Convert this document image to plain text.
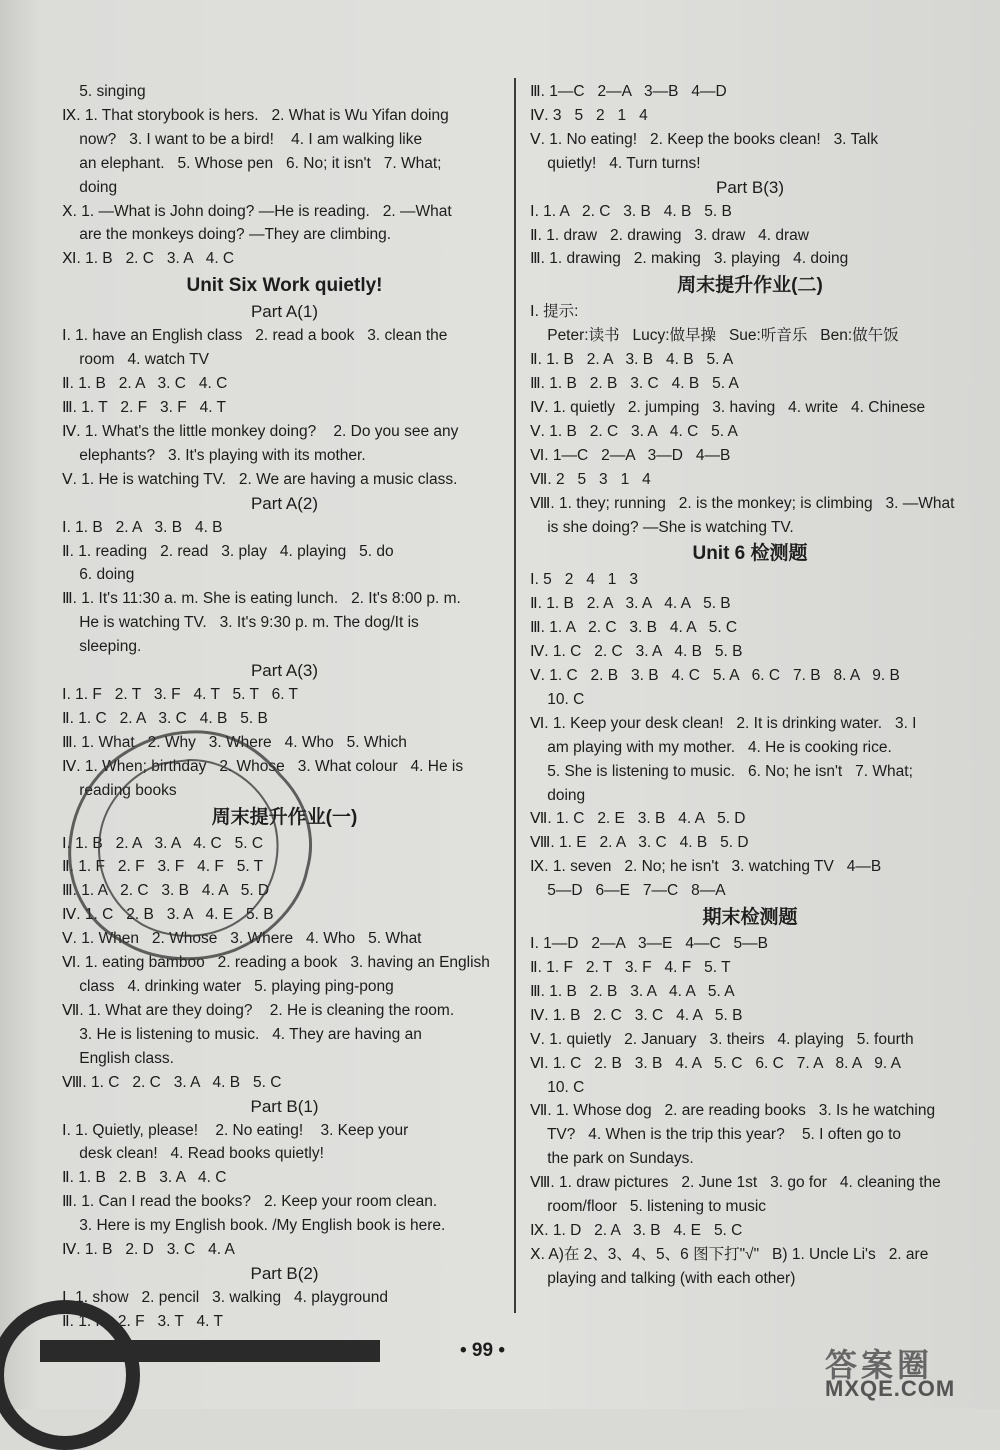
5. singing
Ⅸ. 1. That storybook is hers.   2. What is Wu Yifan doing
now?   3. I want to be a bird!    4. I am walking like
an elephant.   5. Whose pen   6. No; it isn't   7. What;
doing
Ⅹ. 1. —What is John doing? —He is reading.   2. —What
are the monkeys doing? —They are climbing.
Ⅺ. 1. B   2. C   3. A   4. C
Unit Six Work quietly!
Part A(1)
Ⅰ. 1. have an English class   2. read a book   3. clean the
room   4. watch TV
Ⅱ. 1. B   2. A   3. C   4. C
Ⅲ. 1. T   2. F   3. F   4. T
Ⅳ. 1. What's the little monkey doing?    2. Do you see any
elephants?   3. It's playing with its mother.
Ⅴ. 1. He is watching TV.   2. We are having a music class.
Part A(2)
Ⅰ. 1. B   2. A   3. B   4. B
Ⅱ. 1. reading   2. read   3. play   4. playing   5. do
6. doing
Ⅲ. 1. It's 11:30 a. m. She is eating lunch.   2. It's 8:00 p. m.
He is watching TV.   3. It's 9:30 p. m. The dog/It is
sleeping.
Part A(3)
Ⅰ. 1. F   2. T   3. F   4. T   5. T   6. T
Ⅱ. 1. C   2. A   3. C   4. B   5. B
Ⅲ. 1. What   2. Why   3. Where   4. Who   5. Which
Ⅳ. 1. When; birthday   2. Whose   3. What colour   4. He is
reading books
周末提升作业(一)
Ⅰ. 1. B   2. A   3. A   4. C   5. C
Ⅱ. 1. F   2. F   3. F   4. F   5. T
Ⅲ. 1. A   2. C   3. B   4. A   5. D
Ⅳ. 1. C   2. B   3. A   4. E   5. B
Ⅴ. 1. When   2. Whose   3. Where   4. Who   5. What
Ⅵ. 1. eating bamboo   2. reading a book   3. having an English
class   4. drinking water   5. playing ping-pong
Ⅶ. 1. What are they doing?    2. He is cleaning the room.
3. He is listening to music.   4. They are having an
English class.
Ⅷ. 1. C   2. C   3. A   4. B   5. C
Part B(1)
Ⅰ. 1. Quietly, please!    2. No eating!    3. Keep your
desk clean!   4. Read books quietly!
Ⅱ. 1. B   2. B   3. A   4. C
Ⅲ. 1. Can I read the books?   2. Keep your room clean.
3. Here is my English book. /My English book is here.
Ⅳ. 1. B   2. D   3. C   4. A
Part B(2)
Ⅰ. 1. show   2. pencil   3. walking   4. playground
Ⅱ. 1. F   2. F   3. T   4. T
Ⅲ. 1—C   2—A   3—B   4—D
Ⅳ. 3   5   2   1   4
Ⅴ. 1. No eating!   2. Keep the books clean!   3. Talk
quietly!   4. Turn turns!
Part B(3)
Ⅰ. 1. A   2. C   3. B   4. B   5. B
Ⅱ. 1. draw   2. drawing   3. draw   4. draw
Ⅲ. 1. drawing   2. making   3. playing   4. doing
周末提升作业(二)
Ⅰ. 提示:
Peter:读书   Lucy:做早操   Sue:听音乐   Ben:做午饭
Ⅱ. 1. B   2. A   3. B   4. B   5. A
Ⅲ. 1. B   2. B   3. C   4. B   5. A
Ⅳ. 1. quietly   2. jumping   3. having   4. write   4. Chinese
Ⅴ. 1. B   2. C   3. A   4. C   5. A
Ⅵ. 1—C   2—A   3—D   4—B
Ⅶ. 2   5   3   1   4
Ⅷ. 1. they; running   2. is the monkey; is climbing   3. —What
is she doing? —She is watching TV.
Unit 6 检测题
Ⅰ. 5   2   4   1   3
Ⅱ. 1. B   2. A   3. A   4. A   5. B
Ⅲ. 1. A   2. C   3. B   4. A   5. C
Ⅳ. 1. C   2. C   3. A   4. B   5. B
Ⅴ. 1. C   2. B   3. B   4. C   5. A   6. C   7. B   8. A   9. B
10. C
Ⅵ. 1. Keep your desk clean!   2. It is drinking water.   3. I
am playing with my mother.   4. He is cooking rice.
5. She is listening to music.   6. No; he isn't   7. What;
doing
Ⅶ. 1. C   2. E   3. B   4. A   5. D
Ⅷ. 1. E   2. A   3. C   4. B   5. D
Ⅸ. 1. seven   2. No; he isn't   3. watching TV   4—B
5—D   6—E   7—C   8—A
期末检测题
Ⅰ. 1—D   2—A   3—E   4—C   5—B
Ⅱ. 1. F   2. T   3. F   4. F   5. T
Ⅲ. 1. B   2. B   3. A   4. A   5. A
Ⅳ. 1. B   2. C   3. C   4. A   5. B
Ⅴ. 1. quietly   2. January   3. theirs   4. playing   5. fourth
Ⅵ. 1. C   2. B   3. B   4. A   5. C   6. C   7. A   8. A   9. A
10. C
Ⅶ. 1. Whose dog   2. are reading books   3. Is he watching
TV?   4. When is the trip this year?    5. I often go to
the park on Sundays.
Ⅷ. 1. draw pictures   2. June 1st   3. go for   4. cleaning the
room/floor   5. listening to music
Ⅸ. 1. D   2. A   3. B   4. E   5. C
Ⅹ. A)在 2、3、4、5、6 图下打"√"   B) 1. Uncle Li's   2. are
playing and talking (with each other)
• 99 •	答案圈
MXQE.COM
